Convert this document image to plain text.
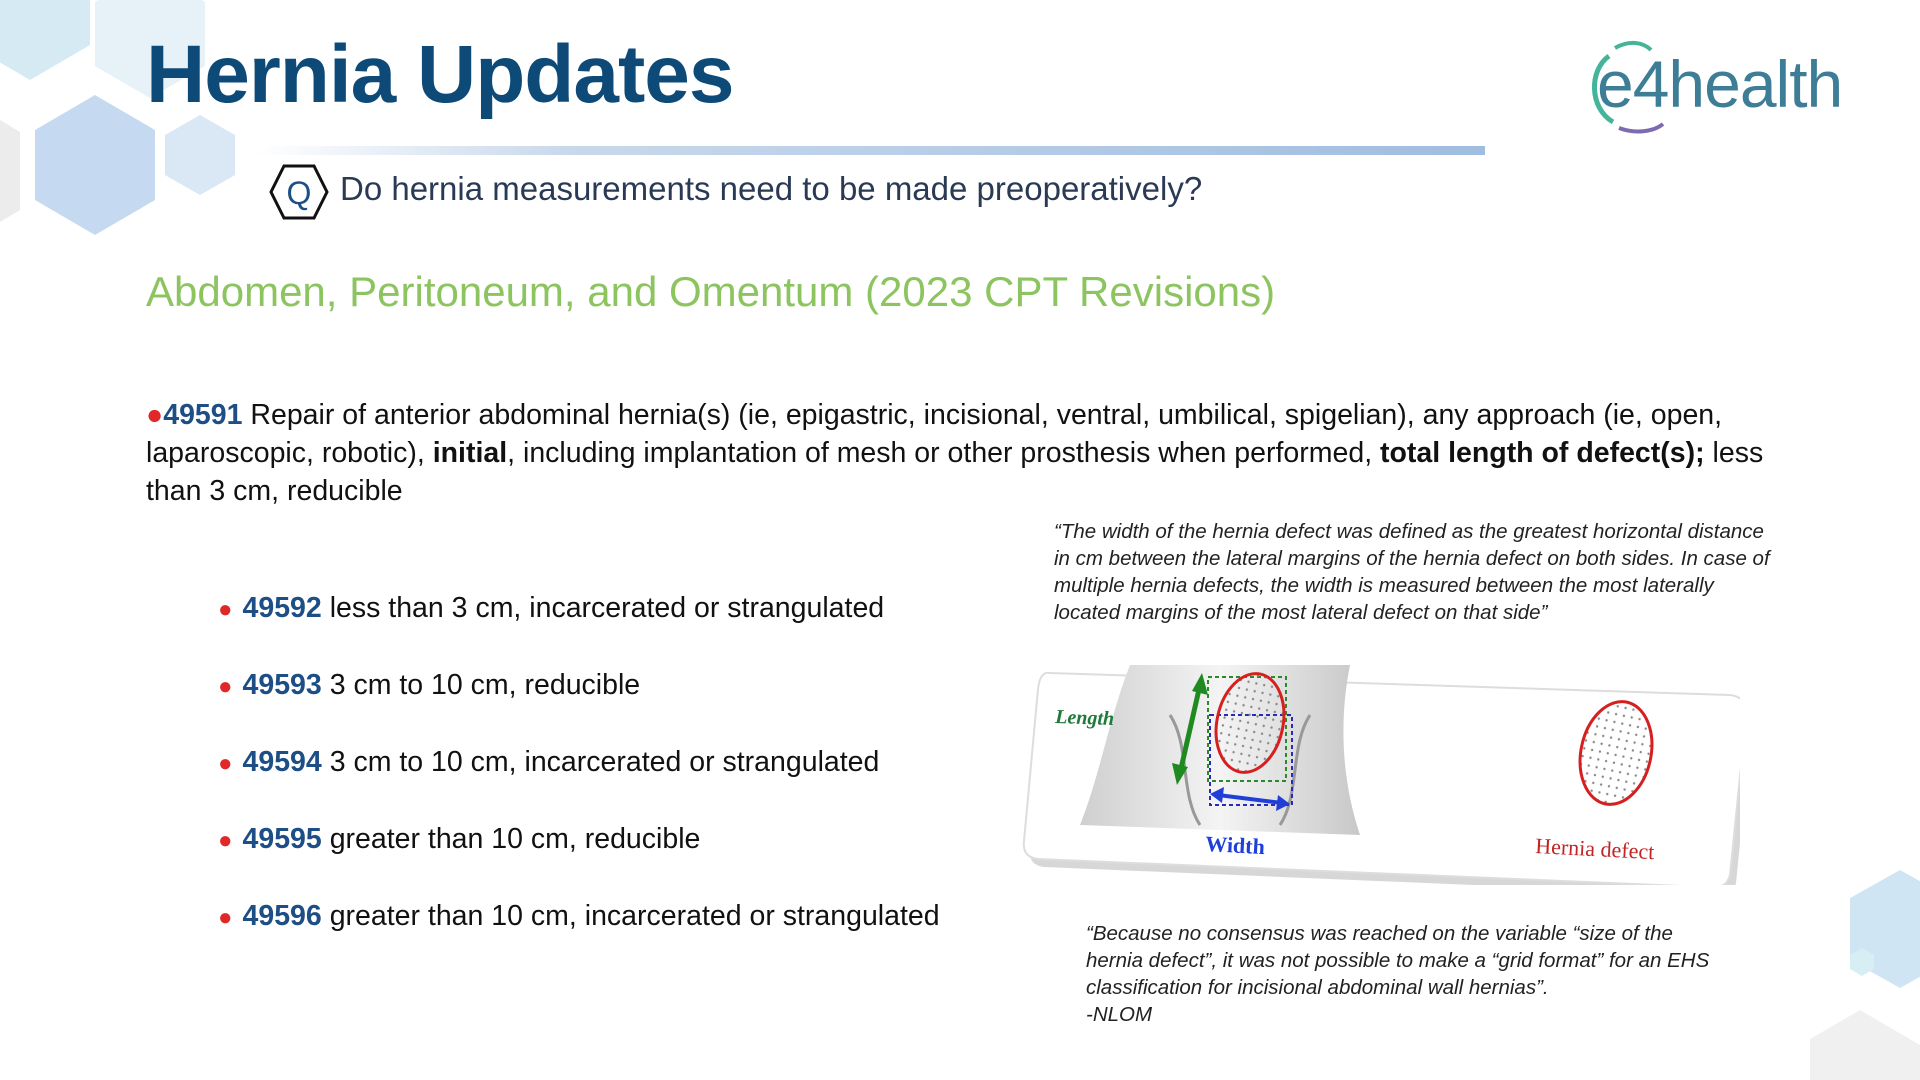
Hernia Updates	e4health
Q Do hernia measurements need to be made preoperatively?
Abdomen, Peritoneum, and Omentum (2023 CPT Revisions)
●49591 Repair of anterior abdominal hernia(s) (ie, epigastric, incisional, ventral, umbilical, spigelian), any approach (ie, open, laparoscopic, robotic), initial, including implantation of mesh or other prosthesis when performed, total length of defect(s); less than 3 cm, reducible
● 49592 less than 3 cm, incarcerated or strangulated
● 49593 3 cm to 10 cm, reducible
● 49594 3 cm to 10 cm, incarcerated or strangulated
● 49595 greater than 10 cm, reducible
● 49596 greater than 10 cm, incarcerated or strangulated
“The width of the hernia defect was defined as the greatest horizontal distance in cm between the lateral margins of the hernia defect on both sides. In case of multiple hernia defects, the width is measured between the most laterally located margins of the most lateral defect on that side”
Length
Width	Hernia defect
“Because no consensus was reached on the variable “size of the hernia defect”, it was not possible to make a “grid format” for an EHS classification for incisional abdominal wall hernias”.
-NLOM
